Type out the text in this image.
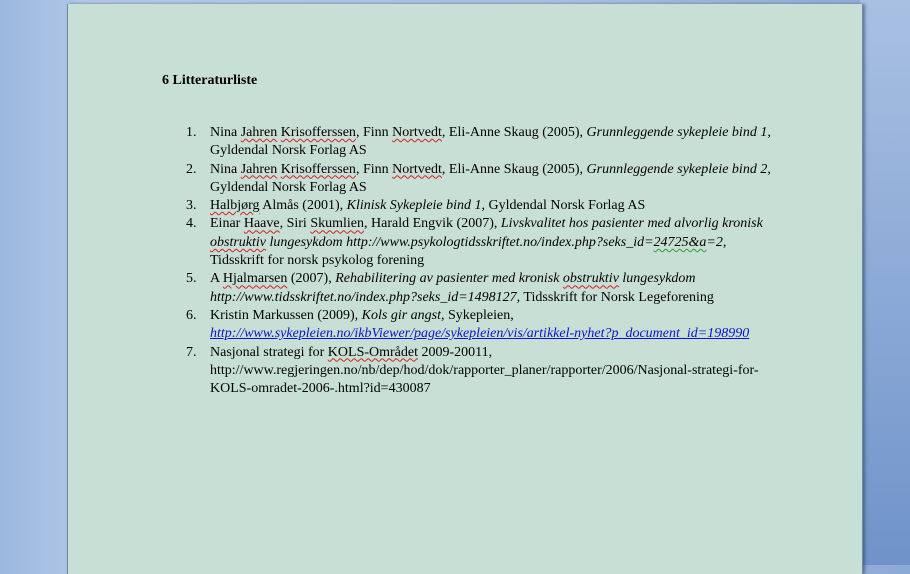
6 Litteraturliste
1. Nina Jahren Krisofferssen, Finn Nortvedt, Eli-Anne Skaug (2005), Grunnleggende sykepleie bind 1, Gyldendal Norsk Forlag AS
2. Nina Jahren Krisofferssen, Finn Nortvedt, Eli-Anne Skaug (2005), Grunnleggende sykepleie bind 2, Gyldendal Norsk Forlag AS
3. Halbjørg Almås (2001), Klinisk Sykepleie bind 1, Gyldendal Norsk Forlag AS
4. Einar Haave, Siri Skumlien, Harald Engvik (2007), Livskvalitet hos pasienter med alvorlig kronisk obstruktiv lungesykdom http://www.psykologtidsskriftet.no/index.php?seks_id=24725&a=2, Tidsskrift for norsk psykolog forening
5. A Hjalmarsen (2007), Rehabilitering av pasienter med kronisk obstruktiv lungesykdom http://www.tidsskriftet.no/index.php?seks_id=1498127, Tidsskrift for Norsk Legeforening
6. Kristin Markussen (2009), Kols gir angst, Sykepleien, http://www.sykepleien.no/ikbViewer/page/sykepleien/vis/artikkel-nyhet?p_document_id=198990
7. Nasjonal strategi for KOLS-Området 2009-20011,
http://www.regjeringen.no/nb/dep/hod/dok/rapporter_planer/rapporter/2006/Nasjonal-strategi-for-KOLS-omradet-2006-.html?id=430087
